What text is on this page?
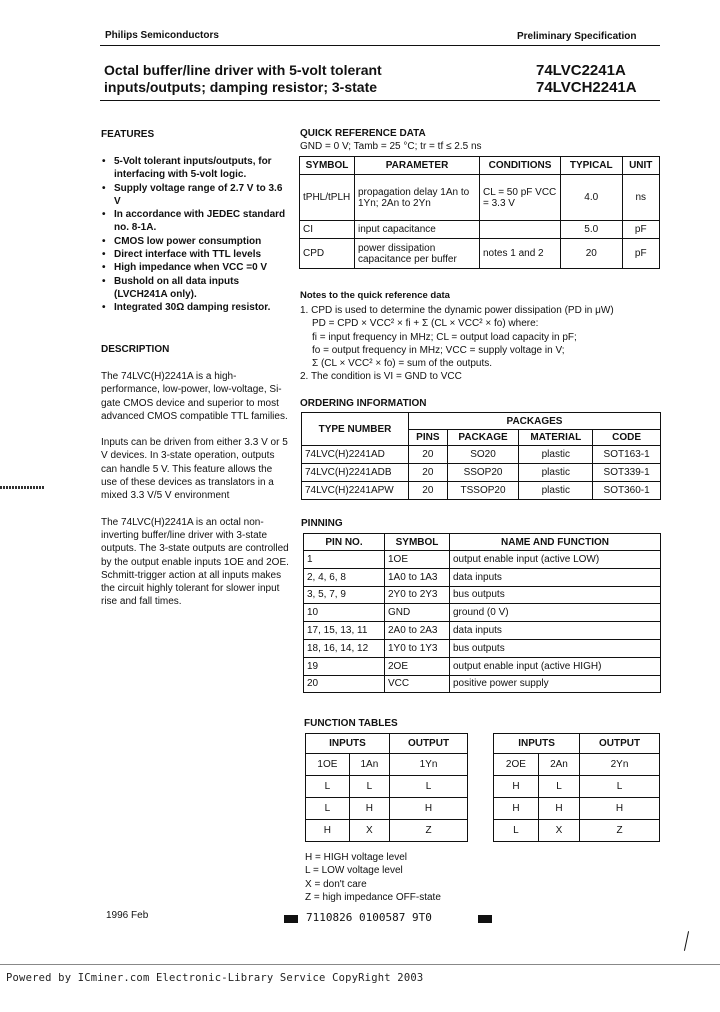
Philips Semiconductors	Preliminary Specification
Octal buffer/line driver with 5-volt tolerant
inputs/outputs; damping resistor; 3-state
74LVC2241A
74LVCH2241A
FEATURES
• 5-Volt tolerant inputs/outputs, for interfacing with 5-volt logic.
• Supply voltage range of 2.7 V to 3.6 V
• In accordance with JEDEC standard no. 8-1A.
• CMOS low power consumption
• Direct interface with TTL levels
• High impedance when VCC =0 V
• Bushold on all data inputs (LVCH241A only).
• Integrated 30Ω damping resistor.
DESCRIPTION

The 74LVC(H)2241A is a high-performance, low-power, low-voltage, Si-gate CMOS device and superior to most advanced CMOS compatible TTL families.

Inputs can be driven from either 3.3 V or 5 V devices. In 3-state operation, outputs can handle 5 V. This feature allows the use of these devices as translators in a mixed 3.3 V/5 V environment

The 74LVC(H)2241A is an octal non-inverting buffer/line driver with 3-state outputs. The 3-state outputs are controlled by the output enable inputs 1OE and 2OE. Schmitt-trigger action at all inputs makes the circuit highly tolerant for slower input rise and fall times.

QUICK REFERENCE DATA
GND = 0 V; Tamb = 25 °C; tr = tf ≤ 2.5 ns
SYMBOL	PARAMETER	CONDITIONS	TYPICAL	UNIT
tPHL/tPLH	propagation delay 1An to 1Yn; 2An to 2Yn	CL = 50 pF VCC = 3.3 V	4.0	ns
CI	input capacitance		5.0	pF
CPD	power dissipation capacitance per buffer	notes 1 and 2	20	pF
Notes to the quick reference data
1. CPD is used to determine the dynamic power dissipation (PD in μW)
PD = CPD × VCC² × fi + Σ (CL × VCC² × fo) where:
fi = input frequency in MHz; CL = output load capacity in pF;
fo = output frequency in MHz; VCC = supply voltage in V;
Σ (CL × VCC² × fo) = sum of the outputs.
2. The condition is VI = GND to VCC
ORDERING INFORMATION
TYPE NUMBER	PACKAGES			
	PINS	PACKAGE	MATERIAL	CODE
74LVC(H)2241AD	20	SO20	plastic	SOT163-1
74LVC(H)2241ADB	20	SSOP20	plastic	SOT339-1
74LVC(H)2241APW	20	TSSOP20	plastic	SOT360-1
PINNING
PIN NO.	SYMBOL	NAME AND FUNCTION
1	1OE	output enable input (active LOW)
2, 4, 6, 8	1A0 to 1A3	data inputs
3, 5, 7, 9	2Y0 to 2Y3	bus outputs
10	GND	ground (0 V)
17, 15, 13, 11	2A0 to 2A3	data inputs
18, 16, 14, 12	1Y0 to 1Y3	bus outputs
19	2OE	output enable input (active HIGH)
20	VCC	positive power supply
FUNCTION TABLES
INPUTS		OUTPUT
1OE	1An	1Yn
L	L	L
L	H	H
H	X	Z
INPUTS		OUTPUT
2OE	2An	2Yn
H	L	L
H	H	H
L	X	Z
H = HIGH voltage level
L = LOW voltage level
X = don't care
Z = high impedance OFF-state
1996 Feb	7110826 0100587 9T0
Powered by ICminer.com Electronic-Library Service CopyRight 2003
